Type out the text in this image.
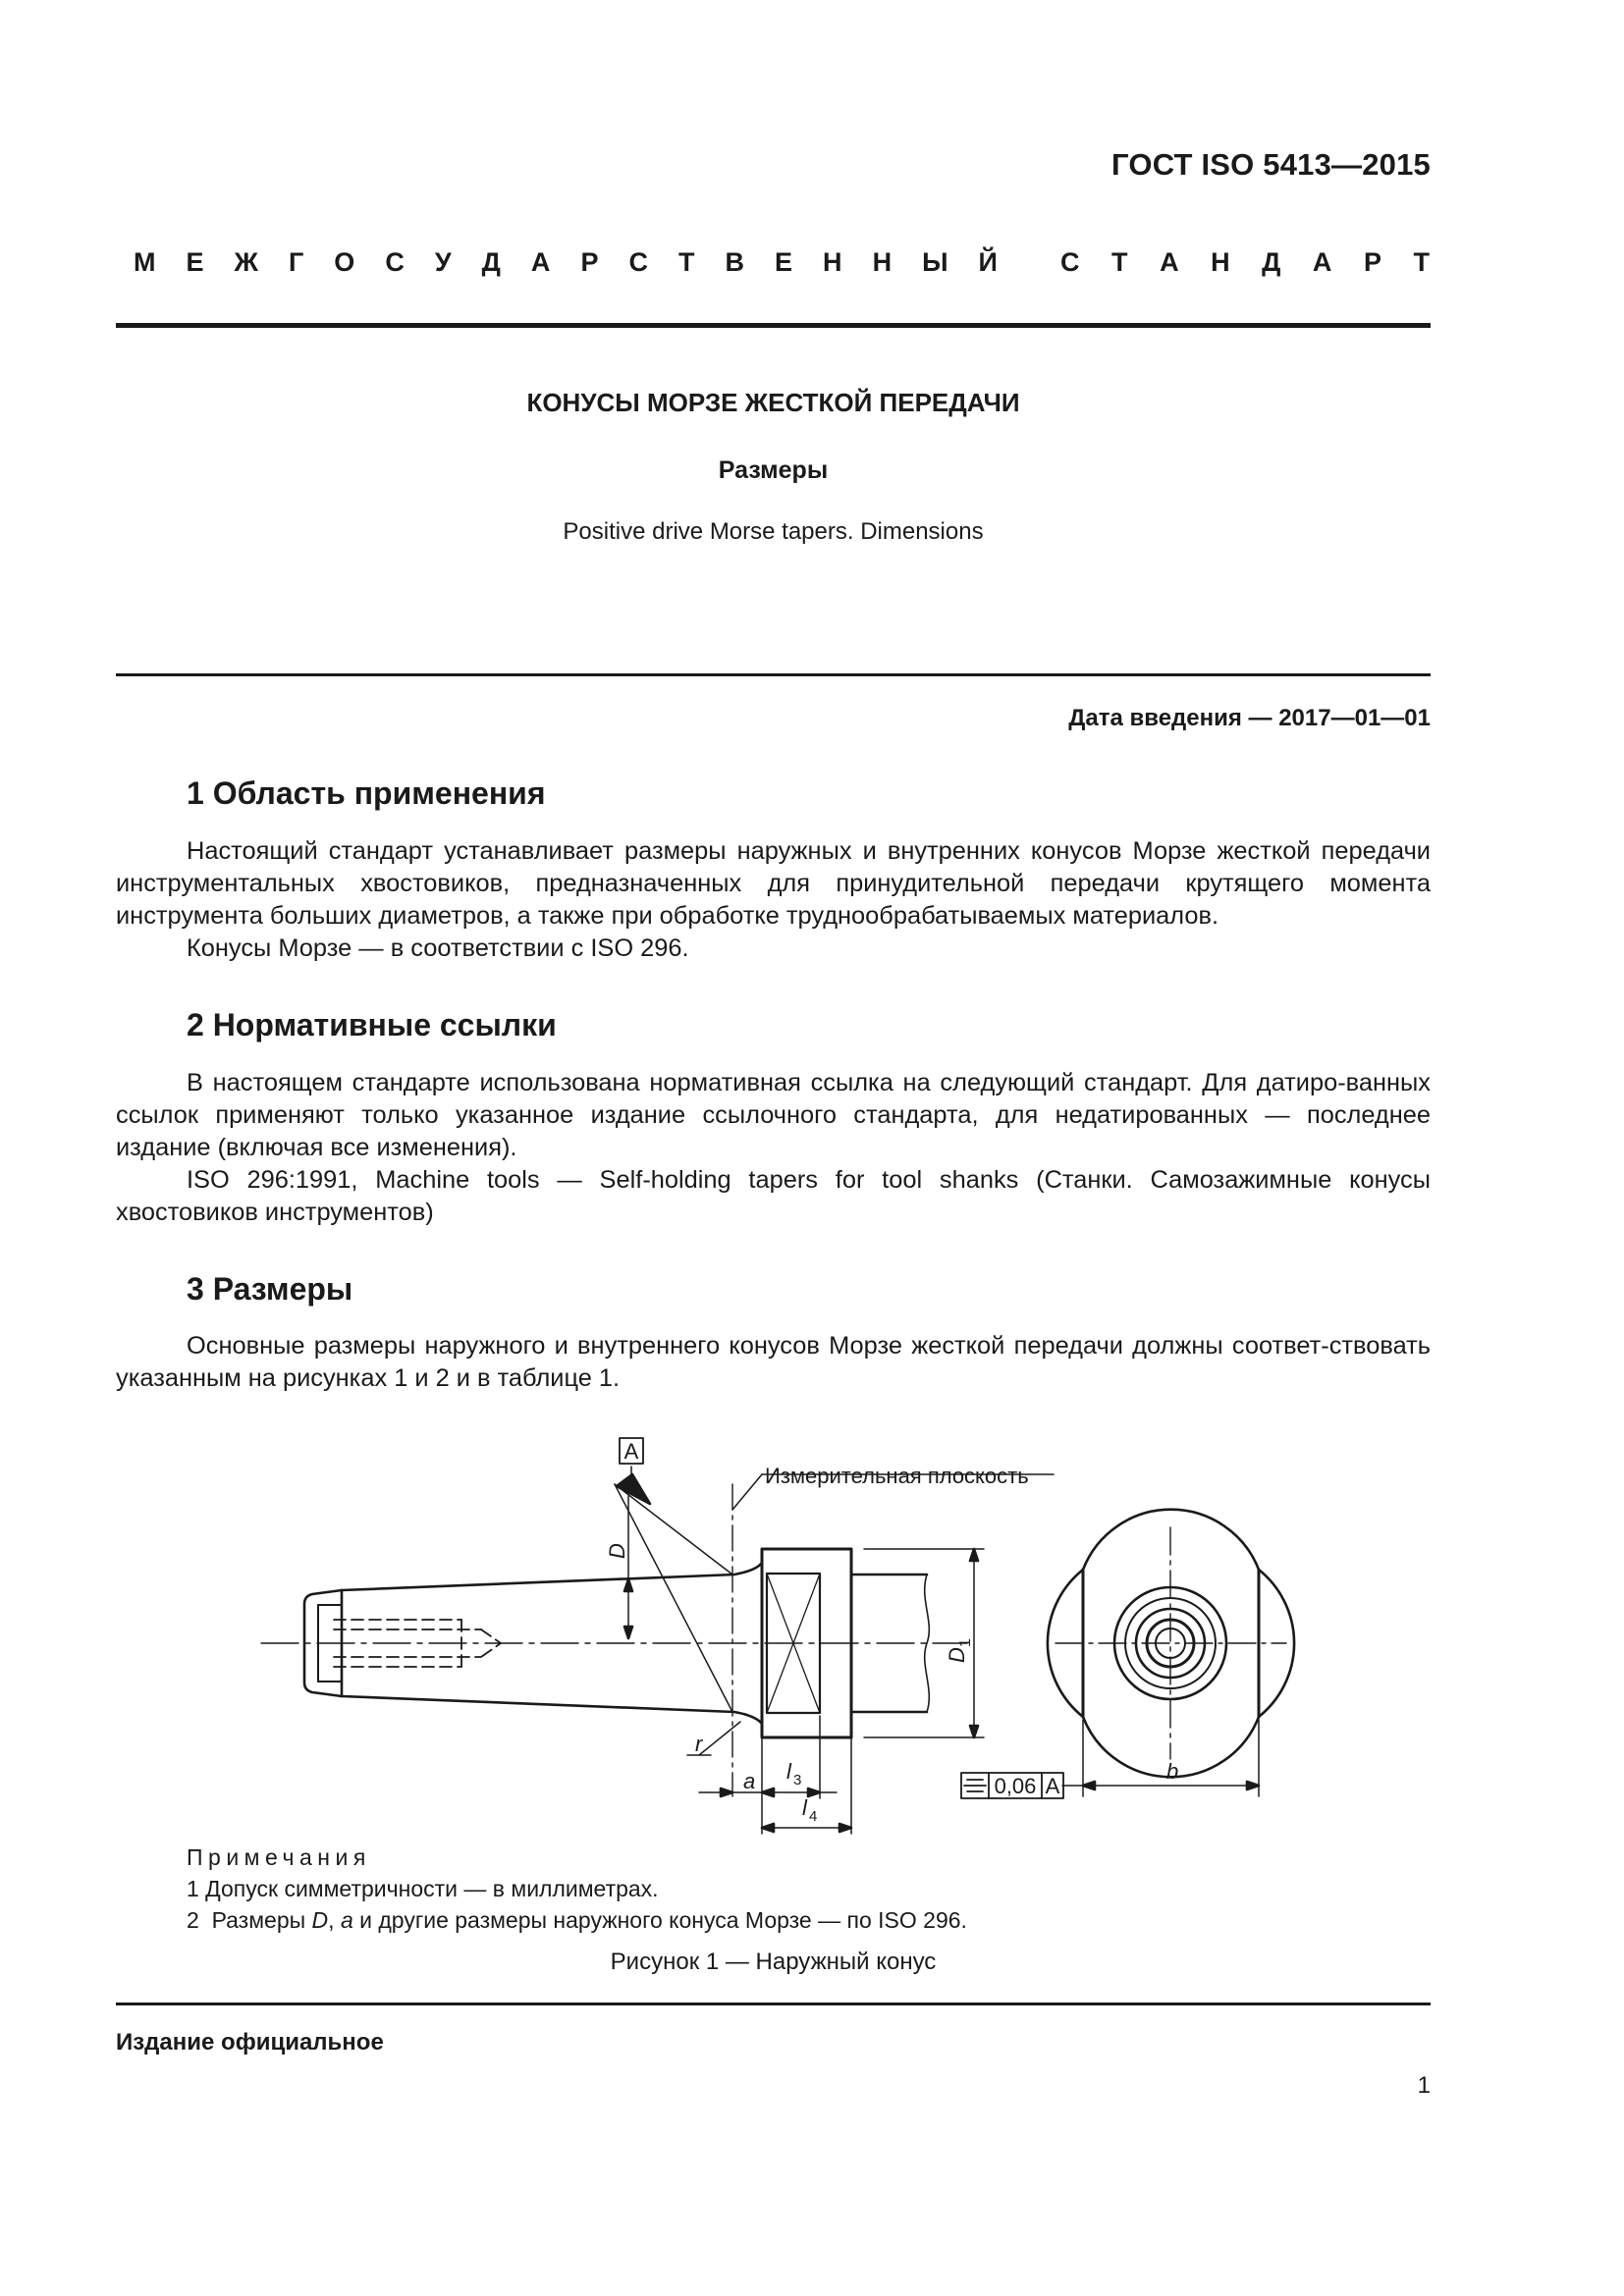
ГОСТ ISO 5413—2015
М Е Ж Г О С У Д А Р С Т В Е Н Н Ы Й С Т А Н Д А Р Т
КОНУСЫ МОРЗЕ ЖЕСТКОЙ ПЕРЕДАЧИ
Размеры
Positive drive Morse tapers. Dimensions
Дата введения — 2017—01—01
1 Область применения

Настоящий стандарт устанавливает размеры наружных и внутренних конусов Морзе жесткой передачи инструментальных хвостовиков, предназначенных для принудительной передачи крутящего момента инструмента больших диаметров, а также при обработке труднообрабатываемых материалов.

Конусы Морзе — в соответствии с ISO 296.

2 Нормативные ссылки

В настоящем стандарте использована нормативная ссылка на следующий стандарт. Для датиро-ванных ссылок применяют только указанное издание ссылочного стандарта, для недатированных — последнее издание (включая все изменения).

ISO 296:1991, Machine tools — Self-holding tapers for tool shanks (Станки. Самозажимные конусы хвостовиков инструментов)

3 Размеры

Основные размеры наружного и внутреннего конусов Морзе жесткой передачи должны соответ-ствовать указанным на рисунках 1 и 2 и в таблице 1.

A
Измерительная плоскость
D
D
1
r
a l 3
l 4
b
0,06 A
Примечания
1 Допуск симметричности — в миллиметрах.
2  Размеры D, a и другие размеры наружного конуса Морзе — по ISO 296.
Рисунок 1 — Наружный конус
Издание официальное
1
